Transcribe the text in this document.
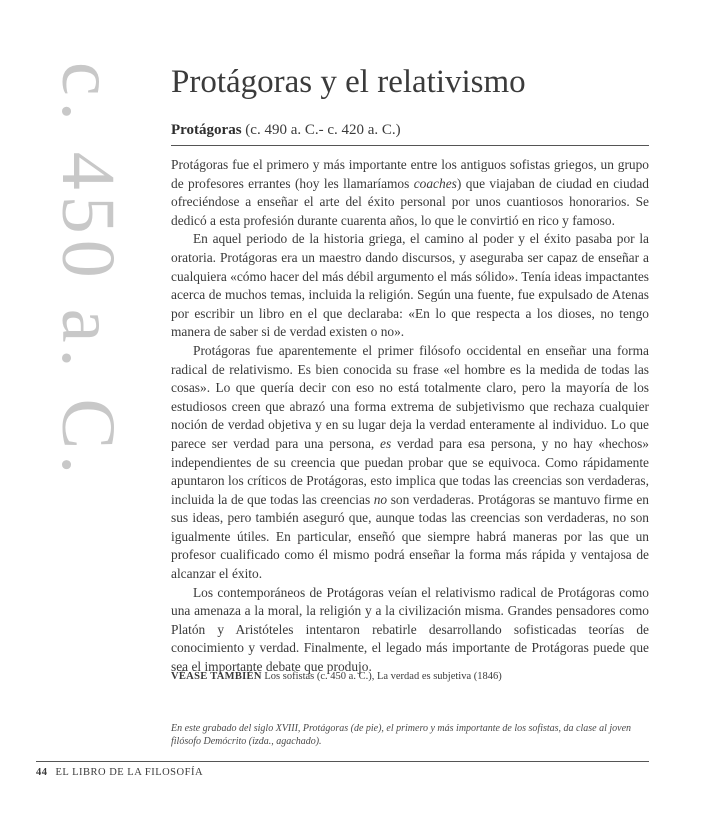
c. 450 a. C. Protágoras y el relativismo
Protágoras (c. 490 a. C.- c. 420 a. C.)

Protágoras fue el primero y más importante entre los antiguos sofistas griegos, un grupo de profesores errantes (hoy les llamaríamos coaches) que viajaban de ciudad en ciudad ofreciéndose a enseñar el arte del éxito personal por unos cuantiosos honorarios. Se dedicó a esta profesión durante cuarenta años, lo que le convirtió en rico y famoso.

En aquel periodo de la historia griega, el camino al poder y el éxito pasaba por la oratoria. Protágoras era un maestro dando discursos, y aseguraba ser capaz de enseñar a cualquiera «cómo hacer del más débil argumento el más sólido». Tenía ideas impactantes acerca de muchos temas, incluida la religión. Según una fuente, fue expulsado de Atenas por escribir un libro en el que declaraba: «En lo que respecta a los dioses, no tengo manera de saber si de verdad existen o no».

Protágoras fue aparentemente el primer filósofo occidental en enseñar una forma radical de relativismo. Es bien conocida su frase «el hombre es la medida de todas las cosas». Lo que quería decir con eso no está totalmente claro, pero la mayoría de los estudiosos creen que abrazó una forma extrema de subjetivismo que rechaza cualquier noción de verdad objetiva y en su lugar deja la verdad enteramente al individuo. Lo que parece ser verdad para una persona, es verdad para esa persona, y no hay «hechos» independientes de su creencia que puedan probar que se equivoca. Como rápidamente apuntaron los críticos de Protágoras, esto implica que todas las creencias son verdaderas, incluida la de que todas las creencias no son verdaderas. Protágoras se mantuvo firme en sus ideas, pero también aseguró que, aunque todas las creencias son verdaderas, no son igualmente útiles. En particular, enseñó que siempre habrá maneras por las que un profesor cualificado como él mismo podrá enseñar la forma más rápida y ventajosa de alcanzar el éxito.

Los contemporáneos de Protágoras veían el relativismo radical de Protágoras como una amenaza a la moral, la religión y a la civilización misma. Grandes pensadores como Platón y Aristóteles intentaron rebatirle desarrollando sofisticadas teorías de conocimiento y verdad. Finalmente, el legado más importante de Protágoras puede que sea el importante debate que produjo.

VÉASE TAMBIÉN Los sofistas (c. 450 a. C.), La verdad es subjetiva (1846)
En este grabado del siglo XVIII, Protágoras (de pie), el primero y más importante de los sofistas, da clase al joven filósofo Demócrito (izda., agachado).
44 EL LIBRO DE LA FILOSOFÍA
